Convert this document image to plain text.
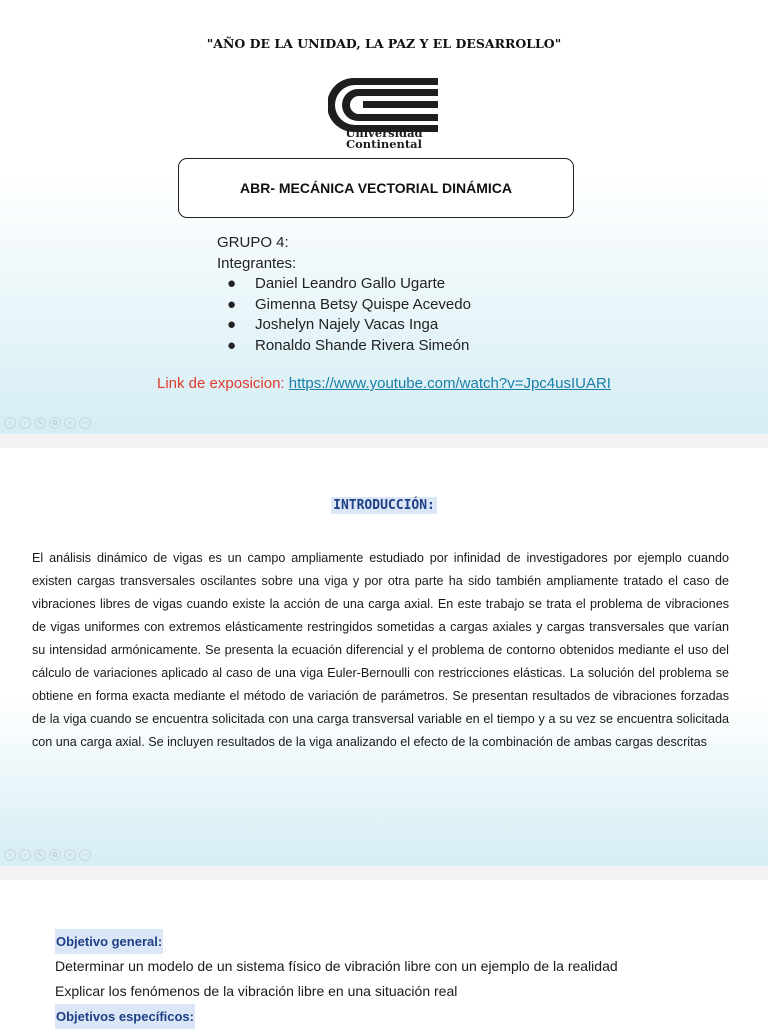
"AÑO DE LA UNIDAD, LA PAZ Y EL DESARROLLO"
Universidad
Continental
ABR- MECÁNICA VECTORIAL DINÁMICA
GRUPO 4:
Integrantes:
● Daniel Leandro Gallo Ugarte
● Gimenna Betsy Quispe Acevedo
● Joshelyn Najely Vacas Inga
● Ronaldo Shande Rivera Simeón
Link de exposicion: https://www.youtube.com/watch?v=Jpc4usIUARI
‹	›	✎	⧉	⌕	⋯
‹	›	✎	⧉	⌕	⋯
INTRODUCCIÓN:
El análisis dinámico de vigas es un campo ampliamente estudiado por infinidad de investigadores por ejemplo cuando existen cargas transversales oscilantes sobre una viga y por otra parte ha sido también ampliamente tratado el caso de vibraciones libres de vigas cuando existe la acción de una carga axial. En este trabajo se trata el problema de vibraciones de vigas uniformes con extremos elásticamente restringidos sometidas a cargas axiales y cargas transversales que varían su intensidad armónicamente. Se presenta la ecuación diferencial y el problema de contorno obtenidos mediante el uso del cálculo de variaciones aplicado al caso de una viga Euler-Bernoulli con restricciones elásticas. La solución del problema se obtiene en forma exacta mediante el método de variación de parámetros. Se presentan resultados de vibraciones forzadas de la viga cuando se encuentra solicitada con una carga transversal variable en el tiempo y a su vez se encuentra solicitada con una carga axial. Se incluyen resultados de la viga analizando el efecto de la combinación de ambas cargas descritas
Objetivo general:
Determinar un modelo de un sistema físico de vibración libre con un ejemplo de la realidad
Explicar los fenómenos de la vibración libre en una situación real
Objetivos específicos:
